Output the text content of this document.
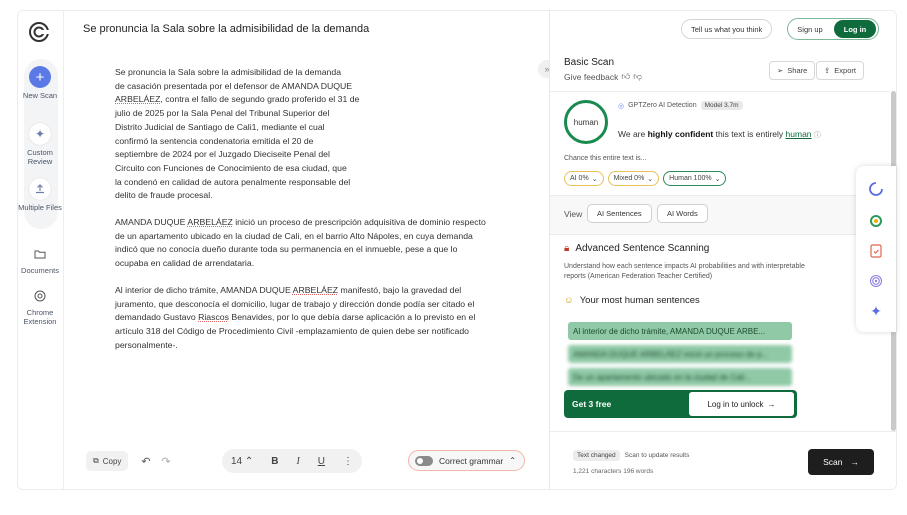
+
New Scan
✦
Custom Review
Multiple Files
Documents
Chrome Extension
Se pronuncia la Sala sobre la admisibilidad de la demanda

Se pronuncia la Sala sobre la admisibilidad de la demanda
de casación presentada por el defensor de AMANDA DUQUE
ARBELÁEZ, contra el fallo de segundo grado proferido el 31 de
julio de 2025 por la Sala Penal del Tribunal Superior del
Distrito Judicial de Santiago de Cali1, mediante el cual
confirmó la sentencia condenatoria emitida el 20 de
septiembre de 2024 por el Juzgado Dieciseite Penal del
Circuito con Funciones de Conocimiento de esa ciudad, que
la condenó en calidad de autora penalmente responsable del
delito de fraude procesal.

AMANDA DUQUE ARBELÁEZ inició un proceso de prescripción adquisitiva de dominio respecto
de un apartamento ubicado en la ciudad de Cali, en el barrio Alto Nápoles, en cuya demanda
indicó que no conocía dueño durante toda su permanencia en el inmueble, pese a que lo
ocupaba en calidad de arrendataria.

Al interior de dicho trámite, AMANDA DUQUE ARBELÁEZ manifestó, bajo la gravedad del
juramento, que desconocía el domicilio, lugar de trabajo y dirección donde podía ser citado el
demandado Gustavo Riascos Benavides, por lo que debía darse aplicación a lo previsto en el
artículo 318 del Código de Procedimiento Civil -emplazamiento de quien debe ser notificado
personalmente-.

»
⧉ Copy ↶ ↷	14 ⌃ B I U ⋮	Correct grammar ⌃
Tell us what you think	Sign up	Log in
Basic Scan
Give feedback 👍︎ 👎︎
➢ Share ⇪ Export
human
◎ GPTZero AI Detection	Model 3.7m
We are highly confident this text is entirely human ⓘ
Chance this entire text is...
AI 0% ⌄ Mixed 0% ⌄ Human 100% ⌄
View	AI Sentences	AI Words
🔒︎ Advanced Sentence Scanning
Understand how each sentence impacts AI probabilities and with interpretable reports (American Federation Teacher Certified)
☺ Your most human sentences
Al interior de dicho trámite, AMANDA DUQUE ARBE...
AMANDA DUQUE ARBELÁEZ inició un proceso de p...
De un apartamento ubicado en la ciudad de Cali...
Get 3 free	Log in to unlock →
Text changed	Scan to update results
1,221 characters 196 words
Scan →
✦
